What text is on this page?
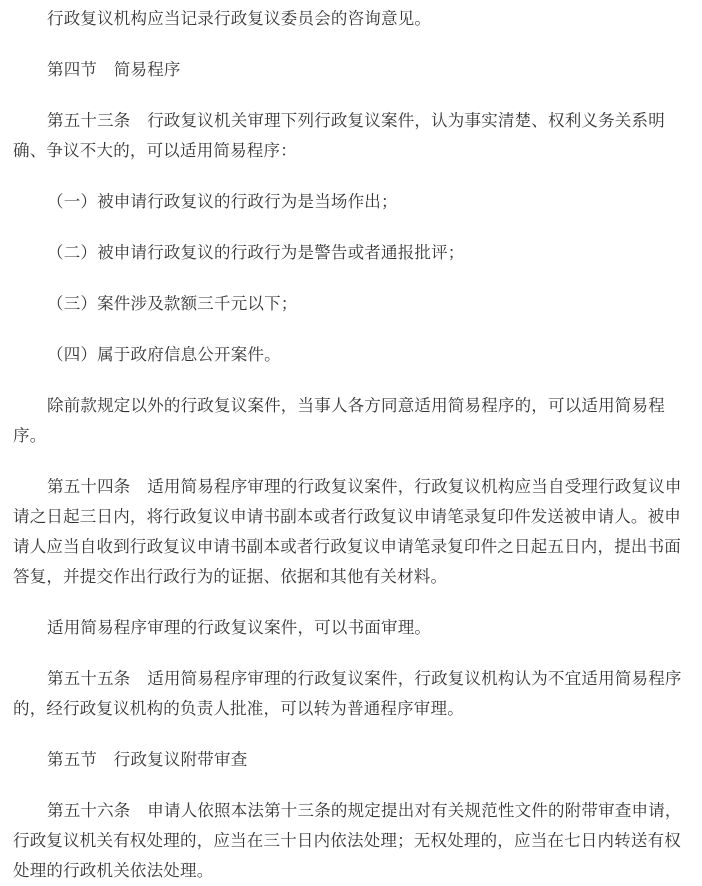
行政复议机构应当记录行政复议委员会的咨询意见。

第四节　简易程序

第五十三条　行政复议机关审理下列行政复议案件，认为事实清楚、权利义务关系明确、争议不大的，可以适用简易程序：

（一）被申请行政复议的行政行为是当场作出；

（二）被申请行政复议的行政行为是警告或者通报批评；

（三）案件涉及款额三千元以下；

（四）属于政府信息公开案件。

除前款规定以外的行政复议案件，当事人各方同意适用简易程序的，可以适用简易程序。

第五十四条　适用简易程序审理的行政复议案件，行政复议机构应当自受理行政复议申请之日起三日内，将行政复议申请书副本或者行政复议申请笔录复印件发送被申请人。被申请人应当自收到行政复议申请书副本或者行政复议申请笔录复印件之日起五日内，提出书面答复，并提交作出行政行为的证据、依据和其他有关材料。

适用简易程序审理的行政复议案件，可以书面审理。

第五十五条　适用简易程序审理的行政复议案件，行政复议机构认为不宜适用简易程序的，经行政复议机构的负责人批准，可以转为普通程序审理。

第五节　行政复议附带审查

第五十六条　申请人依照本法第十三条的规定提出对有关规范性文件的附带审查申请，行政复议机关有权处理的，应当在三十日内依法处理；无权处理的，应当在七日内转送有权处理的行政机关依法处理。
